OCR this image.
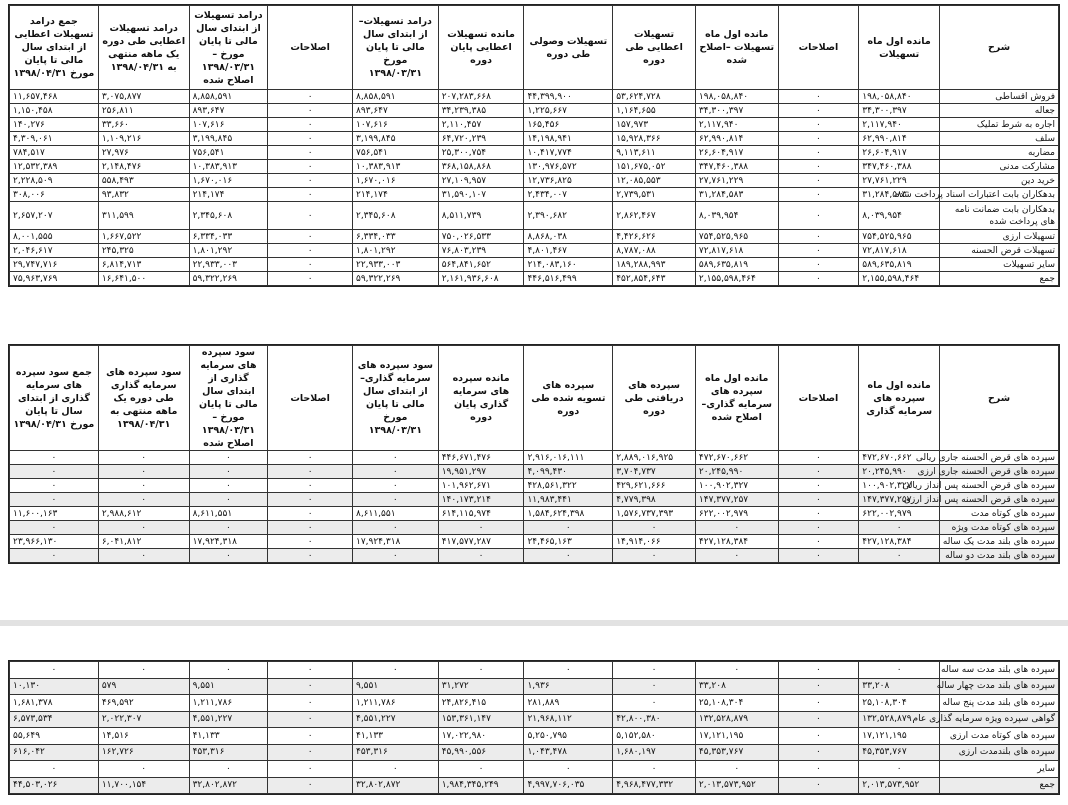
شرح	مانده اول ماه تسهیلات	اصلاحات	مانده اول ماه تسهیلات –اصلاح شده	تسهیلات اعطایی طی دوره	تسهیلات وصولی طی دوره	مانده تسهیلات اعطایی پایان دوره	درامد تسهیلات–از ابتدای سال مالی تا پایان مورخ ۱۳۹۸/۰۳/۳۱	اصلاحات	درامد تسهیلات از ابتدای سال مالی تا پایان مورخ – ۱۳۹۸/۰۳/۳۱ اصلاح شده	درامد تسهیلات اعطایی طی دوره یک ماهه منتهی به ۱۳۹۸/۰۴/۳۱	جمع درامد تسهیلات اعطایی از ابتدای سال مالی تا پایان مورخ ۱۳۹۸/۰۴/۳۱
فروش اقساطی	۱۹۸,۰۵۸,۸۴۰	۰	۱۹۸,۰۵۸,۸۴۰	۵۳,۶۲۴,۷۲۸	۴۴,۳۹۹,۹۰۰	۲۰۷,۲۸۳,۶۶۸	۸,۸۵۸,۵۹۱	۰	۸,۸۵۸,۵۹۱	۳,۰۷۵,۸۷۷	۱۱,۶۵۷,۴۶۸
جعاله	۳۴,۳۰۰,۳۹۷	۰	۳۴,۳۰۰,۳۹۷	۱,۱۶۴,۶۵۵	۱,۲۲۵,۶۶۷	۳۴,۲۳۹,۳۸۵	۸۹۳,۶۴۷	۰	۸۹۳,۶۴۷	۲۵۶,۸۱۱	۱,۱۵۰,۴۵۸
اجاره به شرط تملیک	۲,۱۱۷,۹۴۰	۰	۲,۱۱۷,۹۴۰	۱۵۷,۹۷۳	۱۶۵,۴۵۶	۲,۱۱۰,۴۵۷	۱۰۷,۶۱۶	۰	۱۰۷,۶۱۶	۳۳,۶۶۰	۱۴۰,۲۷۶
سلف	۶۲,۹۹۰,۸۱۴	۰	۶۲,۹۹۰,۸۱۴	۱۵,۹۲۸,۳۶۶	۱۴,۱۹۸,۹۴۱	۶۴,۷۲۰,۲۳۹	۳,۱۹۹,۸۴۵	۰	۳,۱۹۹,۸۴۵	۱,۱۰۹,۲۱۶	۴,۳۰۹,۰۶۱
مضاربه	۲۶,۶۰۴,۹۱۷	۰	۲۶,۶۰۴,۹۱۷	۹,۱۱۳,۶۱۱	۱۰,۴۱۷,۷۷۴	۲۵,۳۰۰,۷۵۴	۷۵۶,۵۴۱	۰	۷۵۶,۵۴۱	۲۷,۹۷۶	۷۸۴,۵۱۷
مشارکت مدنی	۳۴۷,۴۶۰,۳۸۸	۰	۳۴۷,۴۶۰,۳۸۸	۱۵۱,۶۷۵,۰۵۲	۱۳۰,۹۷۶,۵۷۲	۳۶۸,۱۵۸,۸۶۸	۱۰,۳۸۳,۹۱۳	۰	۱۰,۳۸۳,۹۱۳	۲,۱۴۸,۴۷۶	۱۲,۵۳۲,۳۸۹
خرید دین	۲۷,۷۶۱,۲۲۹	۰	۲۷,۷۶۱,۲۲۹	۱۲,۰۸۵,۵۵۳	۱۲,۷۳۶,۸۲۵	۲۷,۱۰۹,۹۵۷	۱,۶۷۰,۰۱۶	۰	۱,۶۷۰,۰۱۶	۵۵۸,۴۹۳	۲,۲۲۸,۵۰۹
بدهکاران بابت اعتبارات اسناد پرداخت شده	۳۱,۲۸۴,۵۸۳	۰	۳۱,۲۸۴,۵۸۳	۲,۷۳۹,۵۳۱	۲,۴۳۴,۰۰۷	۳۱,۵۹۰,۱۰۷	۲۱۴,۱۷۴	۰	۲۱۴,۱۷۴	۹۳,۸۳۲	۳۰۸,۰۰۶
بدهکاران بابت ضمانت نامه های پرداخت شده	۸,۰۳۹,۹۵۴	۰	۸,۰۳۹,۹۵۴	۲,۸۶۲,۴۶۷	۲,۳۹۰,۶۸۲	۸,۵۱۱,۷۳۹	۲,۳۴۵,۶۰۸	۰	۲,۳۴۵,۶۰۸	۳۱۱,۵۹۹	۲,۶۵۷,۲۰۷
تسهیلات ارزی	۷۵۴,۵۲۵,۹۶۵	۰	۷۵۴,۵۲۵,۹۶۵	۴,۴۲۶,۶۲۶	۸,۸۶۸,۰۳۸	۷۵۰,۰۲۶,۵۳۳	۶,۳۳۴,۰۳۳	۰	۶,۳۳۴,۰۳۳	۱,۶۶۷,۵۲۲	۸,۰۰۱,۵۵۵
تسهیلات قرض الحسنه	۷۲,۸۱۷,۶۱۸	۰	۷۲,۸۱۷,۶۱۸	۸,۷۸۷,۰۸۸	۴,۸۰۱,۴۶۷	۷۶,۸۰۳,۲۳۹	۱,۸۰۱,۲۹۲	۰	۱,۸۰۱,۲۹۲	۲۴۵,۳۲۵	۲,۰۴۶,۶۱۷
سایر تسهیلات	۵۸۹,۶۳۵,۸۱۹	۰	۵۸۹,۶۳۵,۸۱۹	۱۸۹,۲۸۸,۹۹۳	۲۱۴,۰۸۳,۱۶۰	۵۶۴,۸۴۱,۶۵۲	۲۲,۹۳۳,۰۰۳	۰	۲۲,۹۳۳,۰۰۳	۶,۸۱۴,۷۱۳	۲۹,۷۴۷,۷۱۶
جمع	۲,۱۵۵,۵۹۸,۴۶۴	۰	۲,۱۵۵,۵۹۸,۴۶۴	۴۵۲,۸۵۴,۶۴۳	۴۴۶,۵۱۶,۴۹۹	۲,۱۶۱,۹۳۶,۶۰۸	۵۹,۳۲۲,۲۶۹	۰	۵۹,۳۲۲,۲۶۹	۱۶,۶۴۱,۵۰۰	۷۵,۹۶۳,۷۶۹
شرح	مانده اول ماه سپرده های سرمایه گذاری	اصلاحات	مانده اول ماه سپرده های سرمایه گذاری– اصلاح شده	سپرده های دریافتی طی دوره	سپرده های تسویه شده طی دوره	مانده سپرده های سرمایه گذاری پایان دوره	سود سپرده های سرمایه گذاری–از ابتدای سال مالی تا پایان مورخ ۱۳۹۸/۰۳/۳۱	اصلاحات	سود سپرده های سرمایه گذاری از ابتدای سال مالی تا پایان مورخ – ۱۳۹۸/۰۳/۳۱ اصلاح شده	سود سپرده های سرمایه گذاری طی دوره یک ماهه منتهی به ۱۳۹۸/۰۴/۳۱	جمع سود سپرده های سرمایه گذاری از ابتدای سال تا پایان مورخ ۱۳۹۸/۰۴/۳۱
سپرده های قرض الحسنه جاری ریالی	۴۷۲,۶۷۰,۶۶۲	۰	۴۷۲,۶۷۰,۶۶۲	۲,۸۸۹,۰۱۶,۹۲۵	۲,۹۱۶,۰۱۶,۱۱۱	۴۴۶,۶۷۱,۴۷۶	۰	۰	۰	۰	۰
سپرده های قرض الحسنه جاری ارزی	۲۰,۲۴۵,۹۹۰	۰	۲۰,۲۴۵,۹۹۰	۳,۷۰۴,۷۳۷	۴,۰۹۹,۴۳۰	۱۹,۹۵۱,۲۹۷	۰	۰	۰	۰	۰
سپرده های قرض الحسنه پس انداز ریالی	۱۰۰,۹۰۲,۳۲۷	۰	۱۰۰,۹۰۲,۳۲۷	۴۲۹,۶۲۱,۶۶۶	۴۲۸,۵۶۱,۳۲۲	۱۰۱,۹۶۲,۶۷۱	۰	۰	۰	۰	۰
سپرده های قرض الحسنه پس انداز ارزی	۱۴۷,۳۷۷,۲۵۷	۰	۱۴۷,۳۷۷,۲۵۷	۴,۷۷۹,۳۹۸	۱۱,۹۸۳,۴۴۱	۱۴۰,۱۷۳,۲۱۴	۰	۰	۰	۰	۰
سپرده های کوتاه مدت	۶۲۲,۰۰۲,۹۷۹	۰	۶۲۲,۰۰۲,۹۷۹	۱,۵۷۶,۷۳۷,۳۹۳	۱,۵۸۴,۶۲۴,۳۹۸	۶۱۴,۱۱۵,۹۷۴	۸,۶۱۱,۵۵۱	۰	۸,۶۱۱,۵۵۱	۲,۹۸۸,۶۱۲	۱۱,۶۰۰,۱۶۳
سپرده های کوتاه مدت ویژه	۰	۰	۰	۰	۰	۰	۰	۰	۰	۰	۰
سپرده های بلند مدت یک ساله	۴۲۷,۱۲۸,۳۸۴	۰	۴۲۷,۱۲۸,۳۸۴	۱۴,۹۱۴,۰۶۶	۲۴,۴۶۵,۱۶۳	۴۱۷,۵۷۷,۲۸۷	۱۷,۹۲۴,۳۱۸	۰	۱۷,۹۲۴,۳۱۸	۶,۰۴۱,۸۱۲	۲۳,۹۶۶,۱۳۰
سپرده های بلند مدت دو ساله	۰	۰	۰	۰	۰	۰	۰	۰	۰	۰	۰
سپرده های بلند مدت سه ساله	۰	۰	۰	۰	۰	۰	۰	۰	۰	۰	۰
سپرده های بلند مدت چهار ساله	۳۳,۲۰۸	۰	۳۳,۲۰۸	۰	۱,۹۳۶	۳۱,۲۷۲	۹,۵۵۱	۰	۹,۵۵۱	۵۷۹	۱۰,۱۳۰
سپرده های بلند مدت پنج ساله	۲۵,۱۰۸,۳۰۴	۰	۲۵,۱۰۸,۳۰۴	۰	۲۸۱,۸۸۹	۲۴,۸۲۶,۴۱۵	۱,۲۱۱,۷۸۶	۰	۱,۲۱۱,۷۸۶	۴۶۹,۵۹۲	۱,۶۸۱,۳۷۸
گواهی سپرده ویژه سرمایه گذاری عام	۱۳۲,۵۲۸,۸۷۹	۰	۱۳۲,۵۲۸,۸۷۹	۴۲,۸۰۰,۳۸۰	۲۱,۹۶۸,۱۱۲	۱۵۳,۳۶۱,۱۴۷	۴,۵۵۱,۲۲۷	۰	۴,۵۵۱,۲۲۷	۲,۰۲۲,۳۰۷	۶,۵۷۳,۵۳۴
سپرده های کوتاه مدت ارزی	۱۷,۱۲۱,۱۹۵	۰	۱۷,۱۲۱,۱۹۵	۵,۱۵۲,۵۸۰	۵,۲۵۰,۷۹۵	۱۷,۰۲۲,۹۸۰	۴۱,۱۳۳	۰	۴۱,۱۳۳	۱۴,۵۱۶	۵۵,۶۴۹
سپرده های بلندمدت ارزی	۴۵,۳۵۳,۷۶۷	۰	۴۵,۳۵۳,۷۶۷	۱,۶۸۰,۱۹۷	۱,۰۴۳,۴۷۸	۴۵,۹۹۰,۵۵۶	۴۵۳,۳۱۶	۰	۴۵۳,۳۱۶	۱۶۲,۷۲۶	۶۱۶,۰۴۲
سایر	۰	۰	۰	۰	۰	۰	۰	۰	۰	۰	۰
جمع	۲,۰۱۳,۵۷۳,۹۵۲	۰	۲,۰۱۳,۵۷۳,۹۵۲	۴,۹۶۸,۴۷۷,۳۳۲	۴,۹۹۷,۷۰۶,۰۳۵	۱,۹۸۴,۳۴۵,۲۴۹	۳۲,۸۰۲,۸۷۲	۰	۳۲,۸۰۲,۸۷۲	۱۱,۷۰۰,۱۵۴	۴۴,۵۰۳,۰۲۶
